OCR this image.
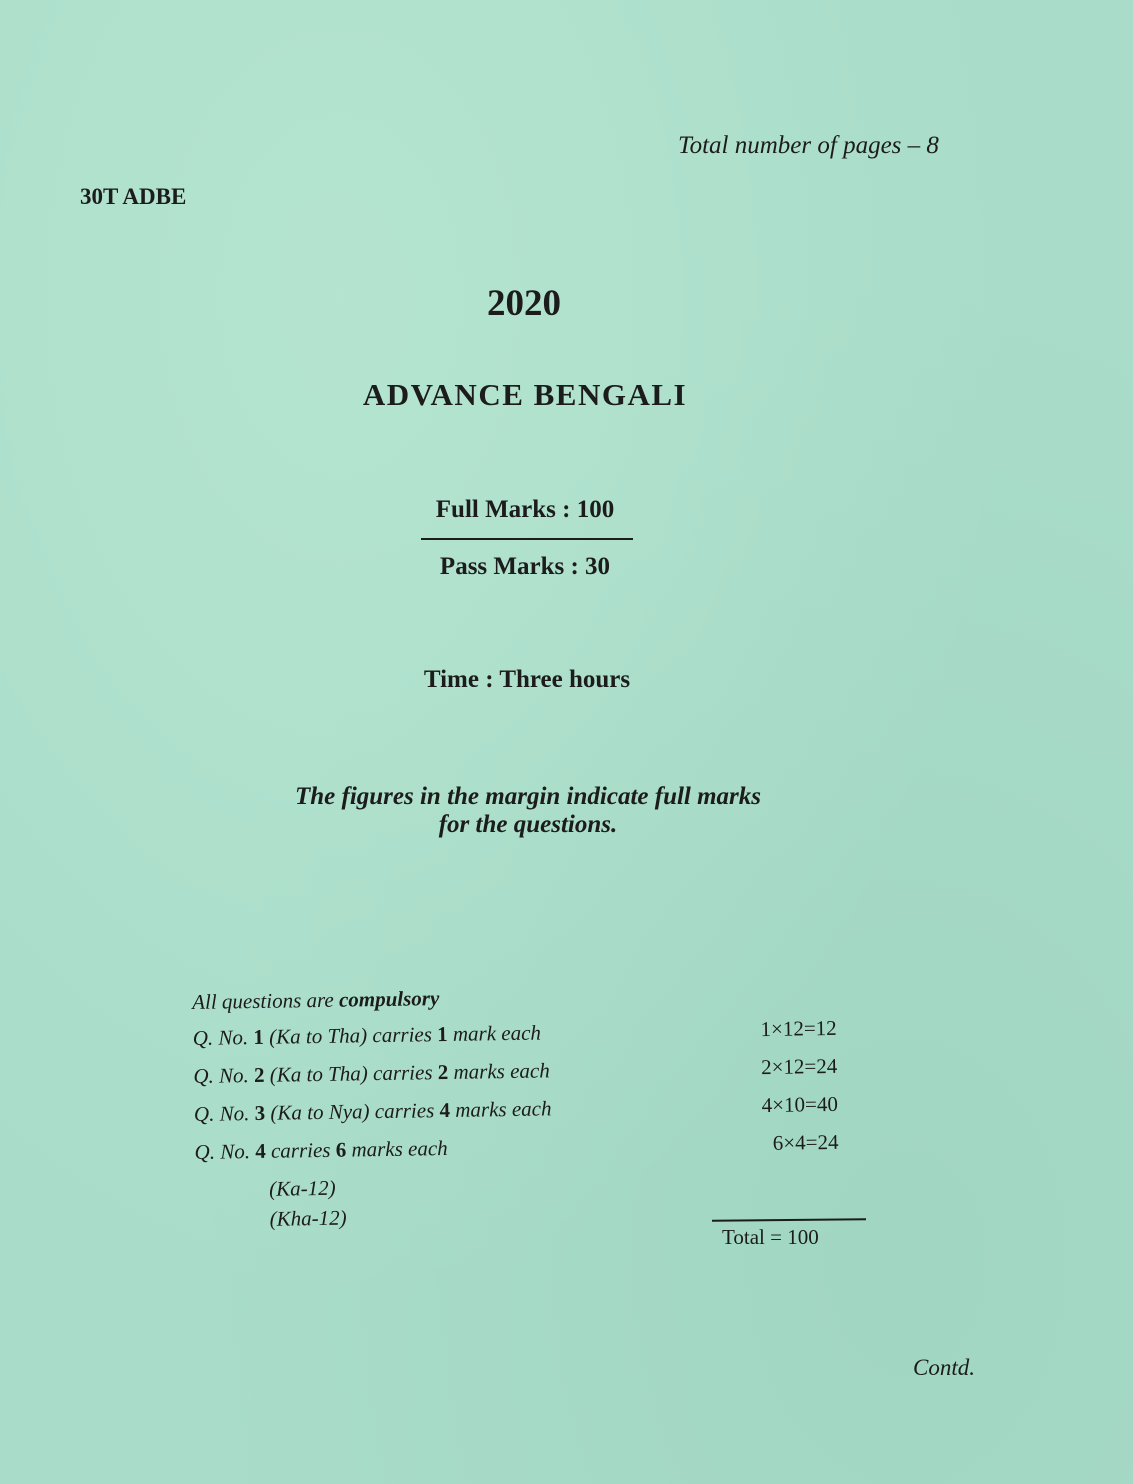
Total number of pages – 8
30T ADBE
2020
ADVANCE BENGALI
Full Marks : 100
Pass Marks : 30
Time : Three hours
The figures in the margin indicate full marks
for the questions.
All questions are compulsory
Q. No. 1 (Ka to Tha) carries 1 mark each	1×12=12
Q. No. 2 (Ka to Tha) carries 2 marks each	2×12=24
Q. No. 3 (Ka to Nya) carries 4 marks each	4×10=40
Q. No. 4 carries 6 marks each	6×4=24
(Ka-12)
(Kha-12)
Total = 100
Contd.
